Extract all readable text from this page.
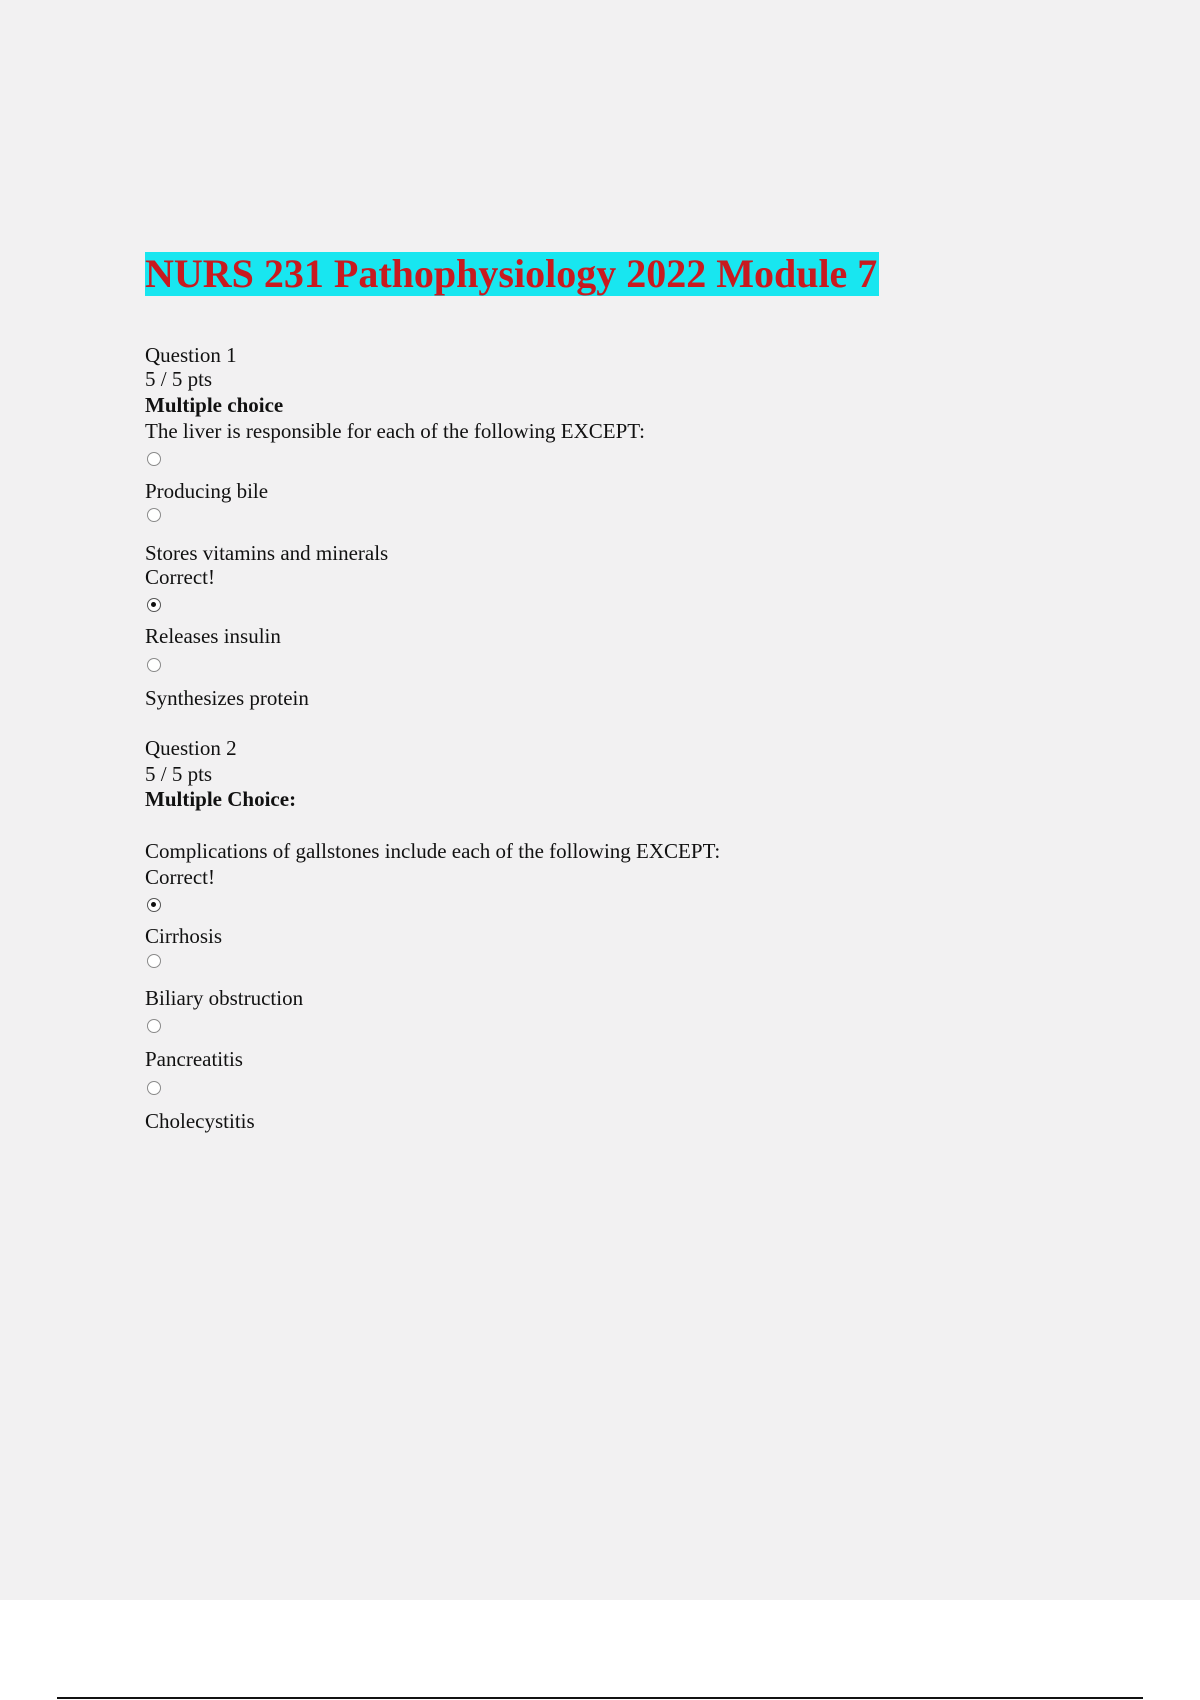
NURS 231 Pathophysiology 2022 Module 7
Question 1
5 / 5 pts
Multiple choice
The liver is responsible for each of the following EXCEPT:
Producing bile
Stores vitamins and minerals
Correct!
Releases insulin
Synthesizes protein
Question 2
5 / 5 pts
Multiple Choice:
Complications of gallstones include each of the following EXCEPT:
Correct!
Cirrhosis
Biliary obstruction
Pancreatitis
Cholecystitis
